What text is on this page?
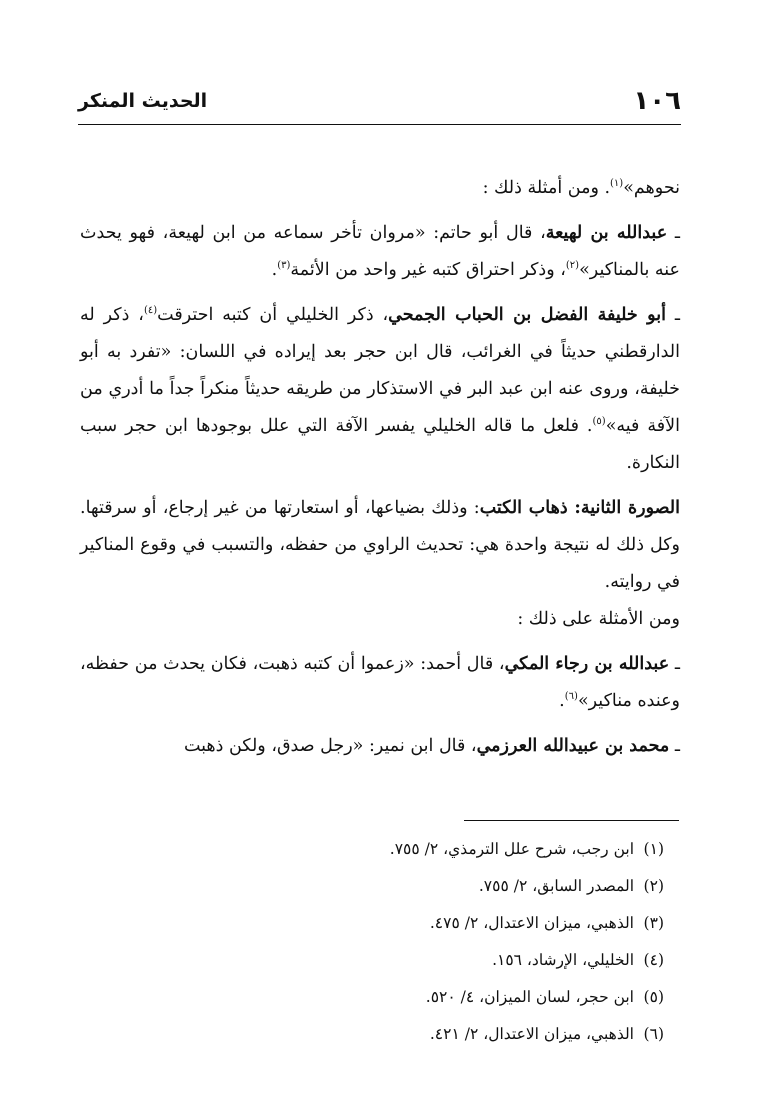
١٠٦
الحديث المنكر

نحوهم»$^{(١)}$. ومن أمثلة ذلك :

ـ عبدالله بن لهيعة، قال أبو حاتم: «مروان تأخر سماعه من ابن لهيعة، فهو يحدث عنه بالمناكير»$^{(٢)}$، وذكر احتراق كتبه غير واحد من الأئمة$^{(٣)}$.

ـ أبو خليفة الفضل بن الحباب الجمحي، ذكر الخليلي أن كتبه احترقت$^{(٤)}$، ذكر له الدارقطني حديثاً في الغرائب، قال ابن حجر بعد إيراده في اللسان: «تفرد به أبو خليفة، وروى عنه ابن عبد البر في الاستذكار من طريقه حديثاً منكراً جداً ما أدري من الآفة فيه»$^{(٥)}$. فلعل ما قاله الخليلي يفسر الآفة التي علل بوجودها ابن حجر سبب النكارة.

الصورة الثانية: ذهاب الكتب: وذلك بضياعها، أو استعارتها من غير إرجاع، أو سرقتها. وكل ذلك له نتيجة واحدة هي: تحديث الراوي من حفظه، والتسبب في وقوع المناكير في روايته.

ومن الأمثلة على ذلك :

ـ عبدالله بن رجاء المكي، قال أحمد: «زعموا أن كتبه ذهبت، فكان يحدث من حفظه، وعنده مناكير»$^{(٦)}$.

ـ محمد بن عبيدالله العرزمي، قال ابن نمير: «رجل صدق، ولكن ذهبت

(١)ابن رجب، شرح علل الترمذي، ٢/ ٧٥٥.
(٢)المصدر السابق، ٢/ ٧٥٥.
(٣)الذهبي، ميزان الاعتدال، ٢/ ٤٧٥.
(٤)الخليلي، الإرشاد، ١٥٦.
(٥)ابن حجر، لسان الميزان، ٤/ ٥٢٠.
(٦)الذهبي، ميزان الاعتدال، ٢/ ٤٢١.
